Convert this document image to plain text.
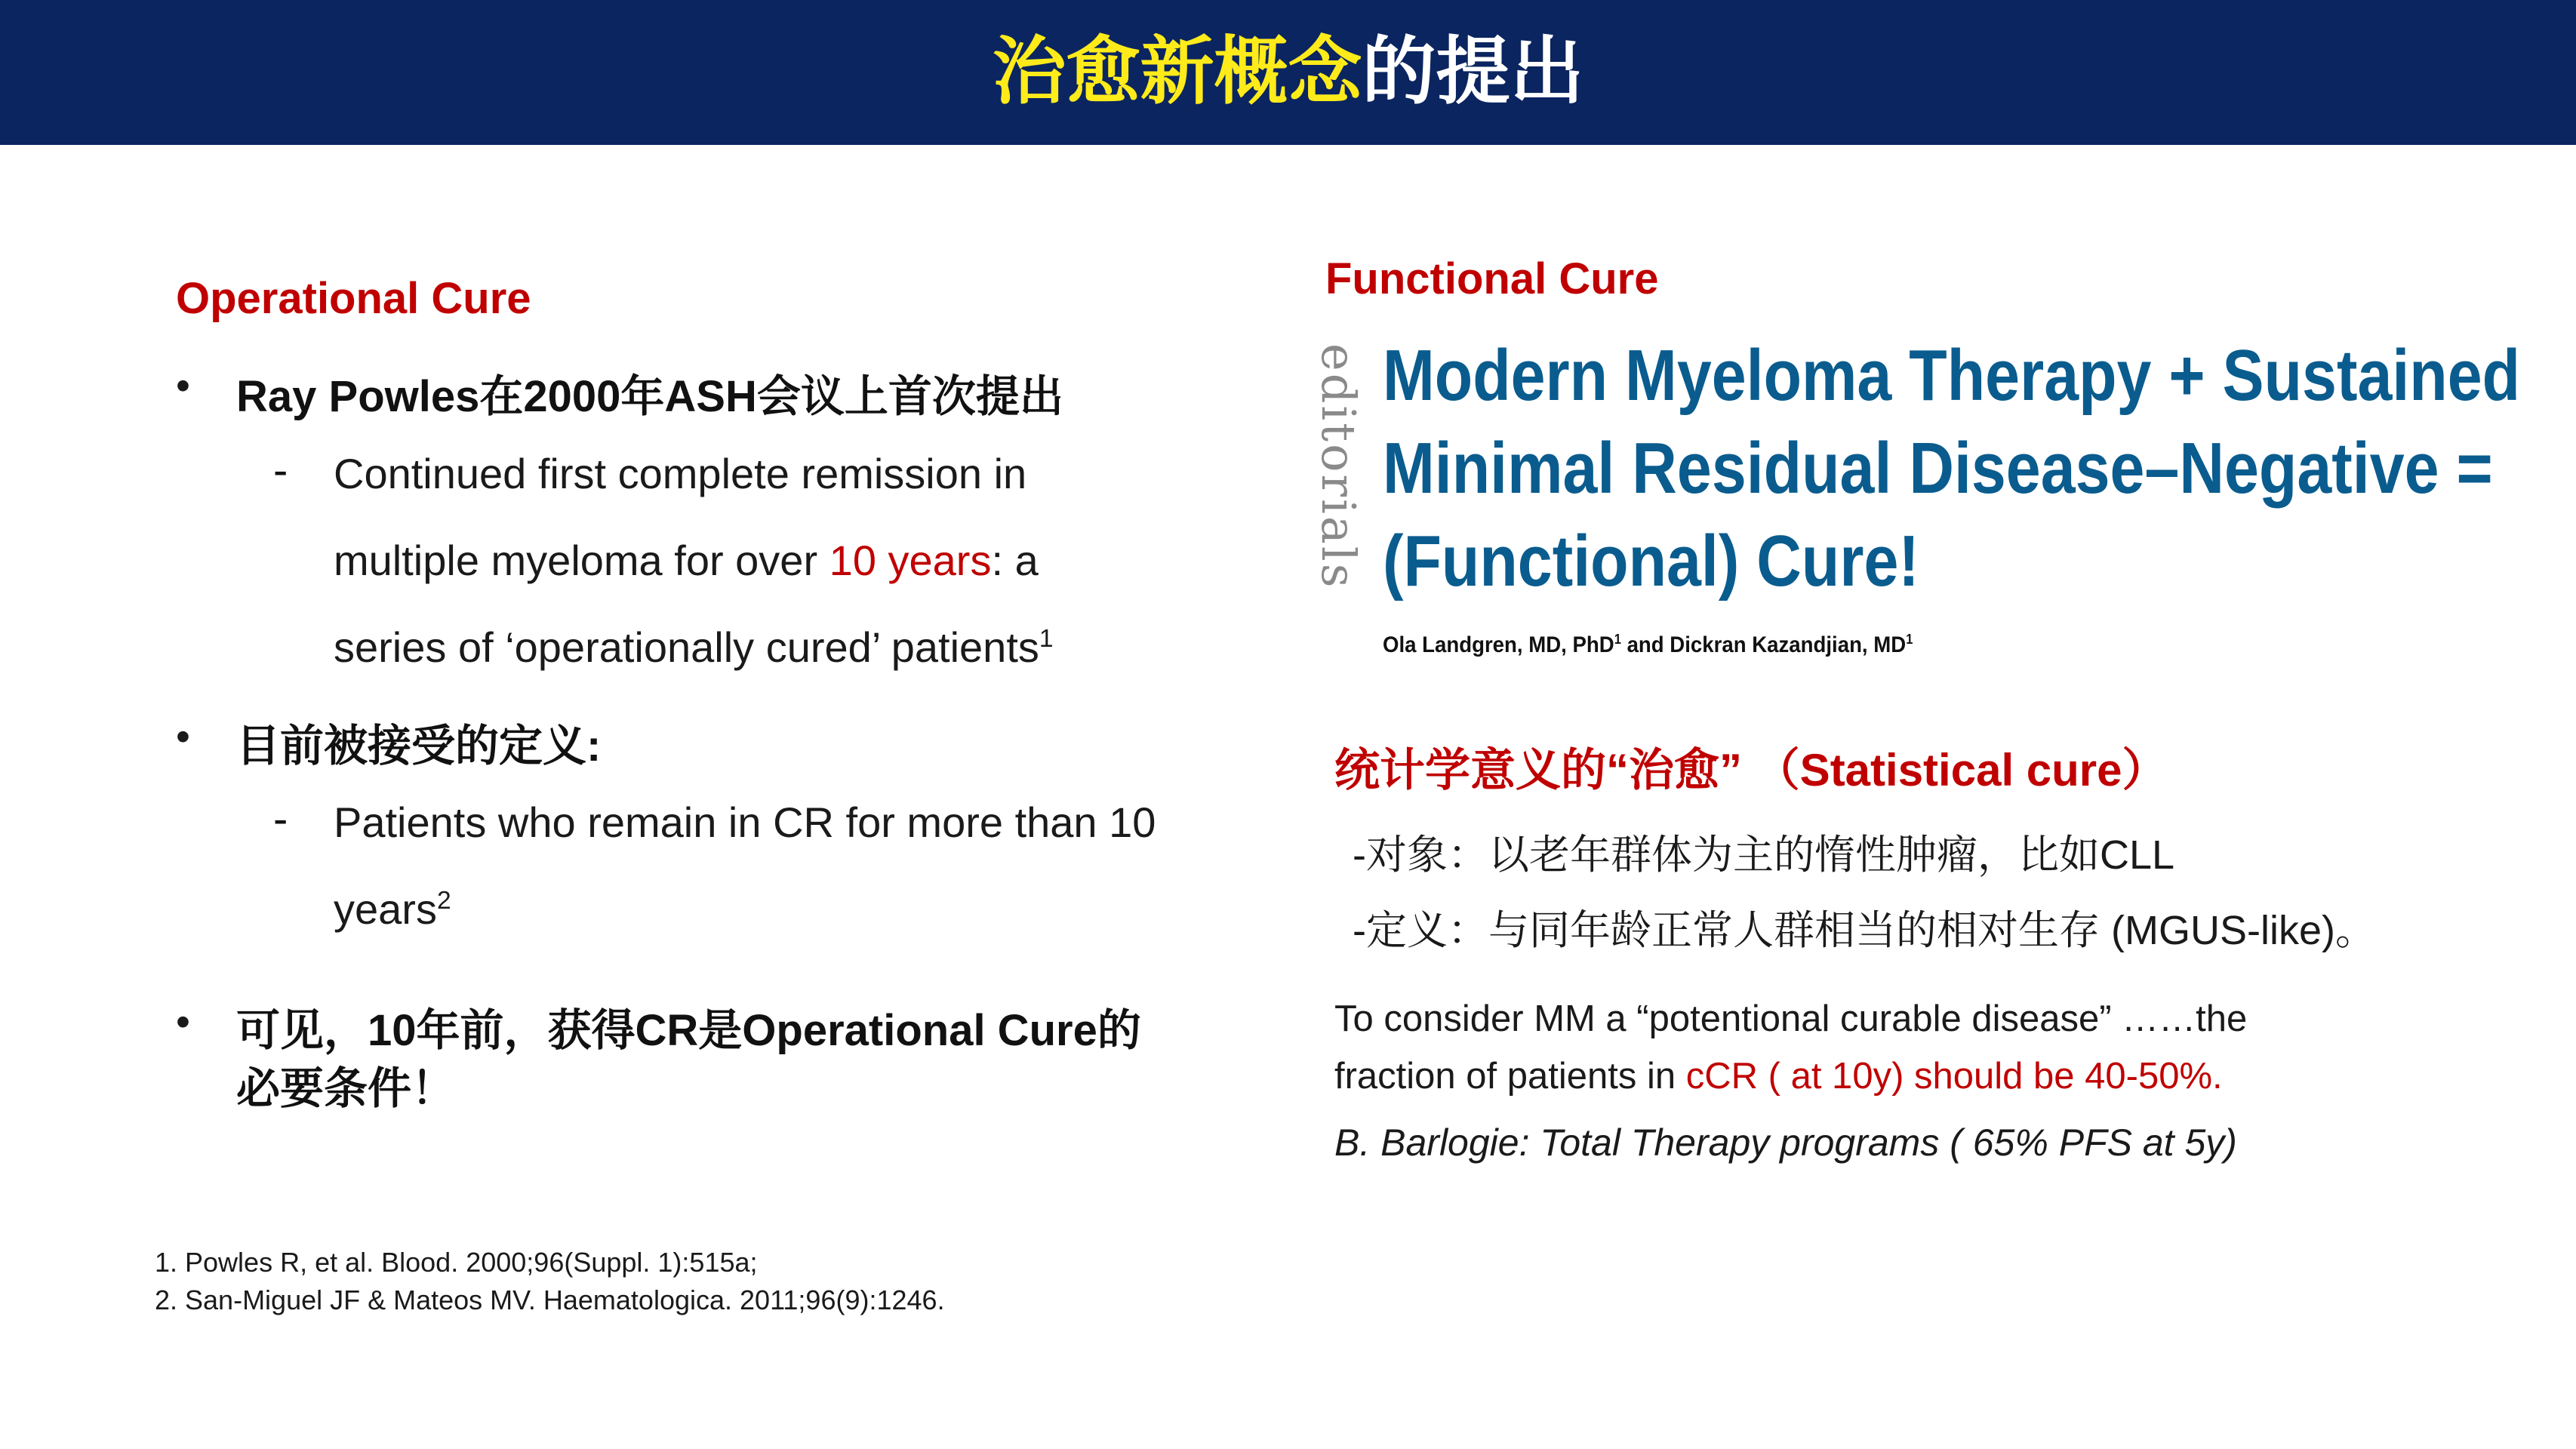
治愈新概念的提出
Operational Cure
• Ray Powles在2000年ASH会议上首次提出
- Continued first complete remission in
multiple myeloma for over 10 years: a
series of ‘operationally cured’ patients$^1$
• 目前被接受的定义:
- Patients who remain in CR for more than 10
years$^2$
• 可见，10年前，获得CR是Operational Cure的
必要条件！
Functional Cure
editorials Modern Myeloma Therapy + Sustained
Minimal Residual Disease–Negative =
(Functional) Cure!
Ola Landgren, MD, PhD$^1$ and Dickran Kazandjian, $MD^1$
统计学意义的“治愈” （Statistical cure）
-对象：以老年群体为主的惰性肿瘤，比如CLL
-定义：与同年龄正常人群相当的相对生存 (MGUS-like)。
To consider MM a “potentional curable disease” ……the
fraction of patients in cCR ( at 10y) should be 40-50%.
B. Barlogie: Total Therapy programs ( 65% PFS at 5y)
1. Powles R, et al. Blood. 2000;96(Suppl. 1):515a;
2. San-Miguel JF & Mateos MV. Haematologica. 2011;96(9):1246.
